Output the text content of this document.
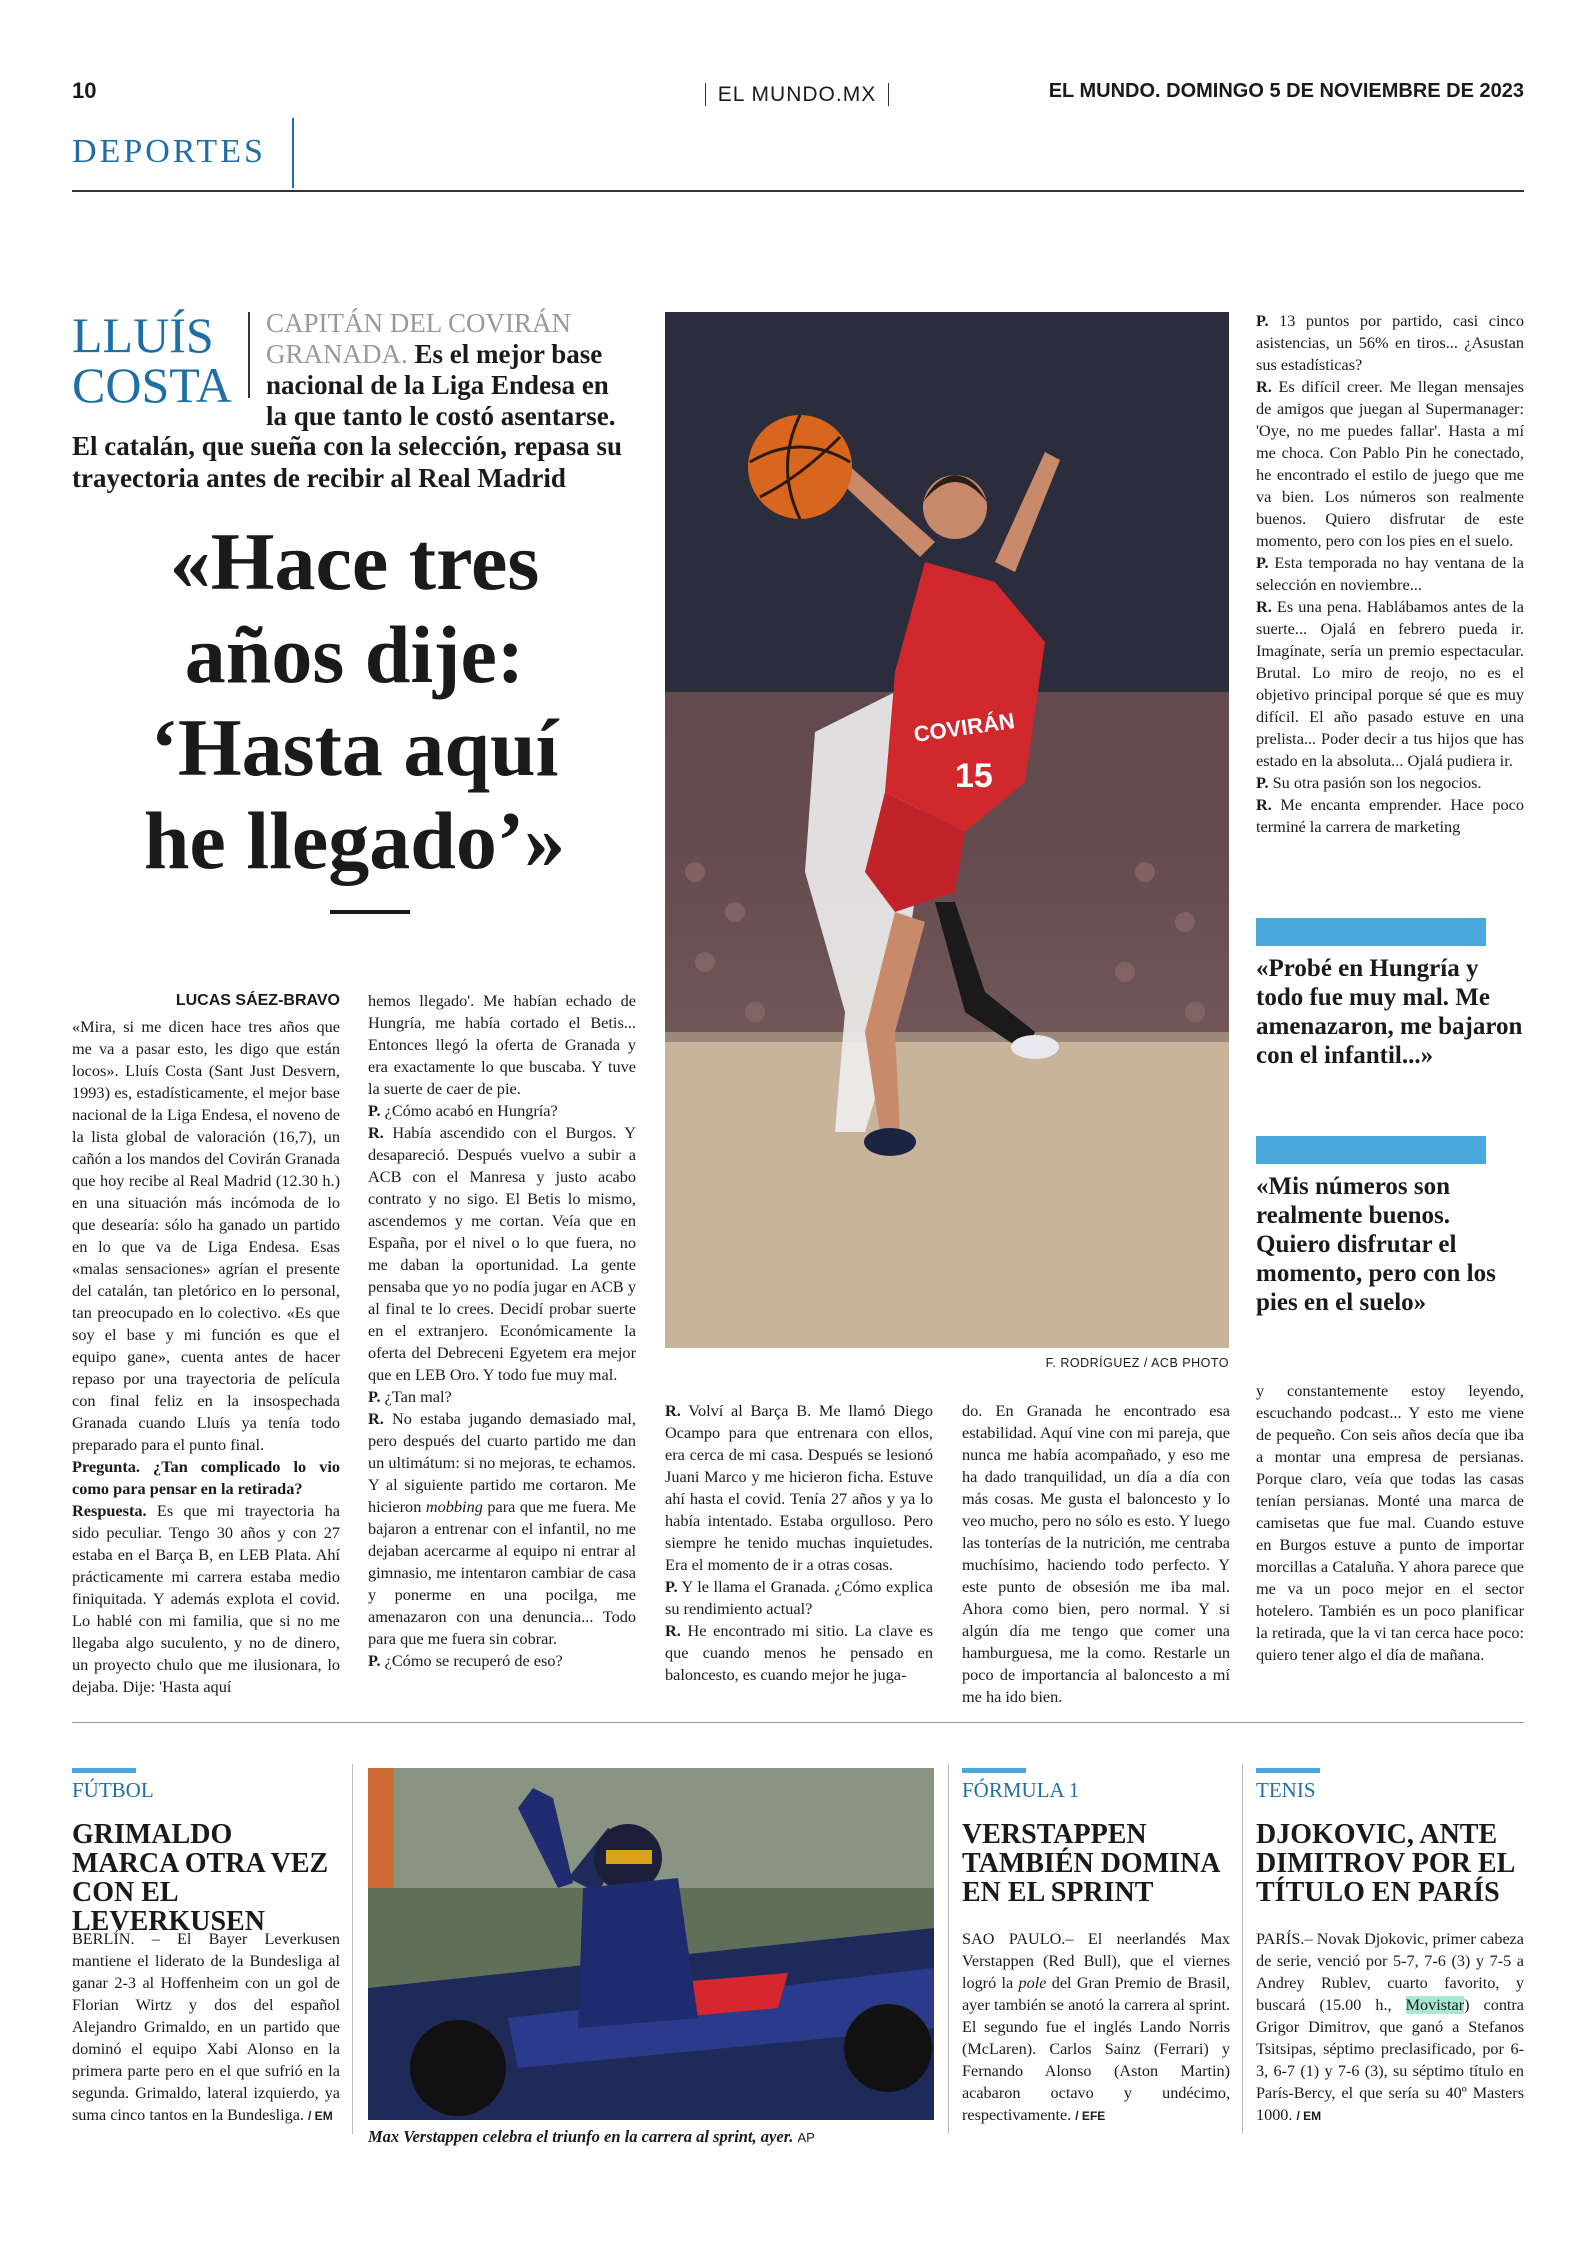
10	EL MUNDO.MX	EL MUNDO. DOMINGO 5 DE NOVIEMBRE DE 2023
DEPORTES
LLUÍS
COSTA
CAPITÁN DEL COVIRÁN GRANADA. Es el mejor base nacional de la Liga Endesa en la que tanto le costó asentarse.
El catalán, que sueña con la selección, repasa su trayectoria antes de recibir al Real Madrid
«Hace tres
años dije:
‘Hasta aquí
he llegado’»

LUCAS SÁEZ-BRAVO

«Mira, si me dicen hace tres años que me va a pasar esto, les digo que están locos». Lluís Costa (Sant Just Desvern, 1993) es, estadísticamente, el mejor base nacional de la Liga Endesa, el noveno de la lista global de valoración (16,7), un cañón a los mandos del Covirán Granada que hoy recibe al Real Madrid (12.30 h.) en una situación más incómoda de lo que desearía: sólo ha ganado un partido en lo que va de Liga Endesa. Esas «malas sensaciones» agrían el presente del catalán, tan pletórico en lo personal, tan preocupado en lo colectivo. «Es que soy el base y mi función es que el equipo gane», cuenta antes de hacer repaso por una trayectoria de película con final feliz en la insospechada Granada cuando Lluís ya tenía todo preparado para el punto final.

Pregunta. ¿Tan complicado lo vio como para pensar en la retirada?

Respuesta. Es que mi trayectoria ha sido peculiar. Tengo 30 años y con 27 estaba en el Barça B, en LEB Plata. Ahí prácticamente mi carrera estaba medio finiquitada. Y además explota el covid. Lo hablé con mi familia, que si no me llegaba algo suculento, y no de dinero, un proyecto chulo que me ilusionara, lo dejaba. Dije: 'Hasta aquí

hemos llegado'. Me habían echado de Hungría, me había cortado el Betis... Entonces llegó la oferta de Granada y era exactamente lo que buscaba. Y tuve la suerte de caer de pie.

P. ¿Cómo acabó en Hungría?

R. Había ascendido con el Burgos. Y desapareció. Después vuelvo a subir a ACB con el Manresa y justo acabo contrato y no sigo. El Betis lo mismo, ascendemos y me cortan. Veía que en España, por el nivel o lo que fuera, no me daban la oportunidad. La gente pensaba que yo no podía jugar en ACB y al final te lo crees. Decidí probar suerte en el extranjero. Económicamente la oferta del Debreceni Egyetem era mejor que en LEB Oro. Y todo fue muy mal.

P. ¿Tan mal?

R. No estaba jugando demasiado mal, pero después del cuarto partido me dan un ultimátum: si no mejoras, te echamos. Y al siguiente partido me cortaron. Me hicieron mobbing para que me fuera. Me bajaron a entrenar con el infantil, no me dejaban acercarme al equipo ni entrar al gimnasio, me intentaron cambiar de casa y ponerme en una pocilga, me amenazaron con una denuncia... Todo para que me fuera sin cobrar.

P. ¿Cómo se recuperó de eso?

COVIRÁN
15
F. RODRÍGUEZ / ACB PHOTO

R. Volví al Barça B. Me llamó Diego Ocampo para que entrenara con ellos, era cerca de mi casa. Después se lesionó Juani Marco y me hicieron ficha. Estuve ahí hasta el covid. Tenía 27 años y ya lo había intentado. Estaba orgulloso. Pero siempre he tenido muchas inquietudes. Era el momento de ir a otras cosas.

P. Y le llama el Granada. ¿Cómo explica su rendimiento actual?

R. He encontrado mi sitio. La clave es que cuando menos he pensado en baloncesto, es cuando mejor he juga-

do. En Granada he encontrado esa estabilidad. Aquí vine con mi pareja, que nunca me había acompañado, y eso me ha dado tranquilidad, un día a día con más cosas. Me gusta el baloncesto y lo veo mucho, pero no sólo es esto. Y luego las tonterías de la nutrición, me centraba muchísimo, haciendo todo perfecto. Y este punto de obsesión me iba mal. Ahora como bien, pero normal. Y si algún día me tengo que comer una hamburguesa, me la como. Restarle un poco de importancia al baloncesto a mí me ha ido bien.

P. 13 puntos por partido, casi cinco asistencias, un 56% en tiros... ¿Asustan sus estadísticas?

R. Es difícil creer. Me llegan mensajes de amigos que juegan al Supermanager: 'Oye, no me puedes fallar'. Hasta a mí me choca. Con Pablo Pin he conectado, he encontrado el estilo de juego que me va bien. Los números son realmente buenos. Quiero disfrutar de este momento, pero con los pies en el suelo.

P. Esta temporada no hay ventana de la selección en noviembre...

R. Es una pena. Hablábamos antes de la suerte... Ojalá en febrero pueda ir. Imagínate, sería un premio espectacular. Brutal. Lo miro de reojo, no es el objetivo principal porque sé que es muy difícil. El año pasado estuve en una prelista... Poder decir a tus hijos que has estado en la absoluta... Ojalá pudiera ir.

P. Su otra pasión son los negocios.

R. Me encanta emprender. Hace poco terminé la carrera de marketing

«Probé en Hungría y todo fue muy mal. Me amenazaron, me bajaron con el infantil...»
«Mis números son realmente buenos. Quiero disfrutar el momento, pero con los pies en el suelo»

y constantemente estoy leyendo, escuchando podcast... Y esto me viene de pequeño. Con seis años decía que iba a montar una empresa de persianas. Porque claro, veía que todas las casas tenían persianas. Monté una marca de camisetas que fue mal. Cuando estuve en Burgos estuve a punto de importar morcillas a Cataluña. Y ahora parece que me va un poco mejor en el sector hotelero. También es un poco planificar la retirada, que la vi tan cerca hace poco: quiero tener algo el día de mañana.

FÚTBOL
GRIMALDO MARCA OTRA VEZ CON EL LEVERKUSEN
BERLÍN. – El Bayer Leverkusen mantiene el liderato de la Bundesliga al ganar 2-3 al Hoffenheim con un gol de Florian Wirtz y dos del español Alejandro Grimaldo, en un partido que dominó el equipo Xabi Alonso en la primera parte pero en el que sufrió en la segunda. Grimaldo, lateral izquierdo, ya suma cinco tantos en la Bundesliga. / EM
Max Verstappen celebra el triunfo en la carrera al sprint, ayer. AP
FÓRMULA 1
VERSTAPPEN TAMBIÉN DOMINA EN EL SPRINT
SAO PAULO.– El neerlandés Max Verstappen (Red Bull), que el viernes logró la pole del Gran Premio de Brasil, ayer también se anotó la carrera al sprint. El segundo fue el inglés Lando Norris (McLaren). Carlos Sainz (Ferrari) y Fernando Alonso (Aston Martin) acabaron octavo y undécimo, respectivamente. / EFE
TENIS
DJOKOVIC, ANTE DIMITROV POR EL TÍTULO EN PARÍS
PARÍS.– Novak Djokovic, primer cabeza de serie, venció por 5-7, 7-6 (3) y 7-5 a Andrey Rublev, cuarto favorito, y buscará (15.00 h., Movistar) contra Grigor Dimitrov, que ganó a Stefanos Tsitsipas, séptimo preclasificado, por 6-3, 6-7 (1) y 7-6 (3), su séptimo título en París-Bercy, el que sería su 40º Masters 1000. / EM
